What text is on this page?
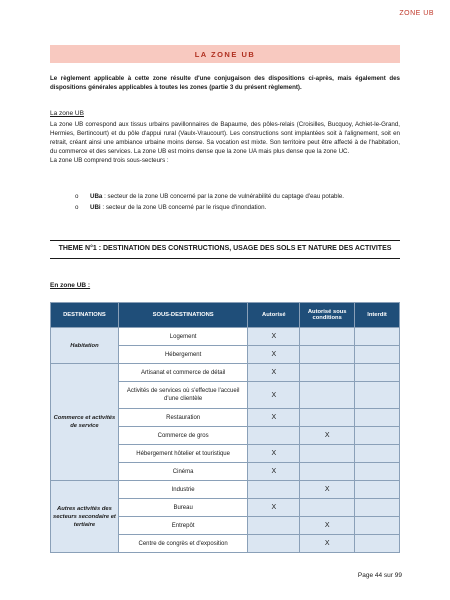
ZONE UB
LA ZONE UB
Le règlement applicable à cette zone résulte d'une conjugaison des dispositions ci-après, mais également des dispositions générales applicables à toutes les zones (partie 3 du présent règlement).
La zone UB
La zone UB correspond aux tissus urbains pavillonnaires de Bapaume, des pôles-relais (Croisilles, Bucquoy, Achiet-le-Grand, Hermies, Bertincourt) et du pôle d'appui rural (Vaulx-Vraucourt). Les constructions sont implantées soit à l'alignement, soit en retrait, créant ainsi une ambiance urbaine moins dense. Sa vocation est mixte. Son territoire peut être affecté à de l'habitation, du commerce et des services. La zone UB est moins dense que la zone UA mais plus dense que la zone UC.
La zone UB comprend trois sous-secteurs :
o UBa : secteur de la zone UB concerné par la zone de vulnérabilité du captage d'eau potable.
o UBi : secteur de la zone UB concerné par le risque d'inondation.
THEME N°1 : DESTINATION DES CONSTRUCTIONS, USAGE DES SOLS ET NATURE DES ACTIVITES
En zone UB :
DESTINATIONS	SOUS-DESTINATIONS	Autorisé	Autorisé sous conditions	Interdit
Habitation	Logement	X		
	Hébergement	X		
Commerce et activités de service	Artisanat et commerce de détail	X		
	Activités de services où s'effectue l'accueil d'une clientèle	X		
	Restauration	X		
	Commerce de gros		X	
	Hébergement hôtelier et touristique	X		
	Cinéma	X		
Autres activités des secteurs secondaire et tertiaire	Industrie		X	
	Bureau	X		
	Entrepôt		X	
	Centre de congrès et d'exposition		X	
Page 44 sur 99
